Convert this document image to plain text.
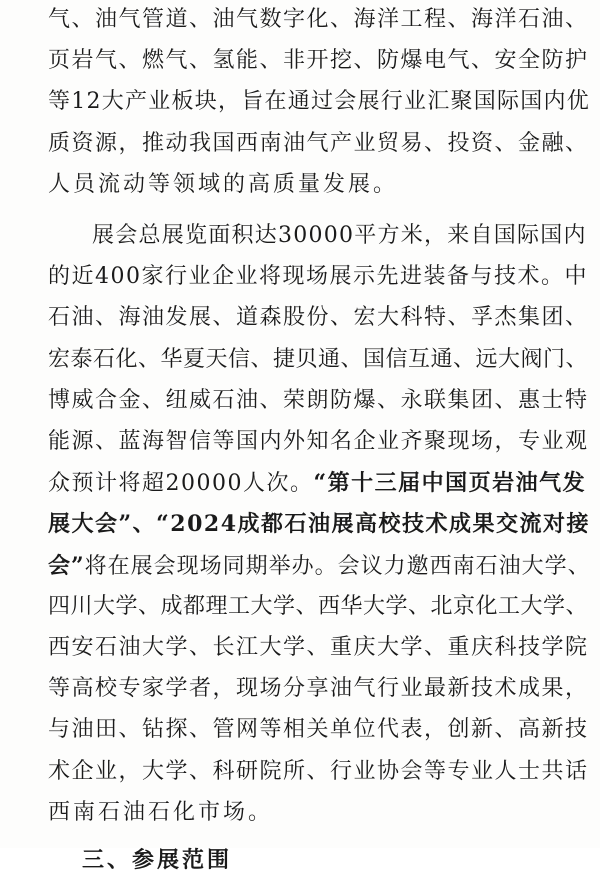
气、油气管道、油气数字化、海洋工程、海洋石油、
页岩气、燃气、氢能、非开挖、防爆电气、安全防护
等12大产业板块，旨在通过会展行业汇聚国际国内优
质资源，推动我国西南油气产业贸易、投资、金融、
人员流动等领域的高质量发展。
展会总展览面积达30000平方米，来自国际国内
的近400家行业企业将现场展示先进装备与技术。中
石油、海油发展、道森股份、宏大科特、孚杰集团、
宏泰石化、华夏天信、捷贝通、国信互通、远大阀门、
博威合金、纽威石油、荣朗防爆、永联集团、惠士特
能源、蓝海智信等国内外知名企业齐聚现场，专业观
众预计将超20000人次。“第十三届中国页岩油气发
展大会”、“2024成都石油展高校技术成果交流对接
会”将在展会现场同期举办。会议力邀西南石油大学、
四川大学、成都理工大学、西华大学、北京化工大学、
西安石油大学、长江大学、重庆大学、重庆科技学院
等高校专家学者，现场分享油气行业最新技术成果，
与油田、钻探、管网等相关单位代表，创新、高新技
术企业，大学、科研院所、行业协会等专业人士共话
西南石油石化市场。
三、参展范围
